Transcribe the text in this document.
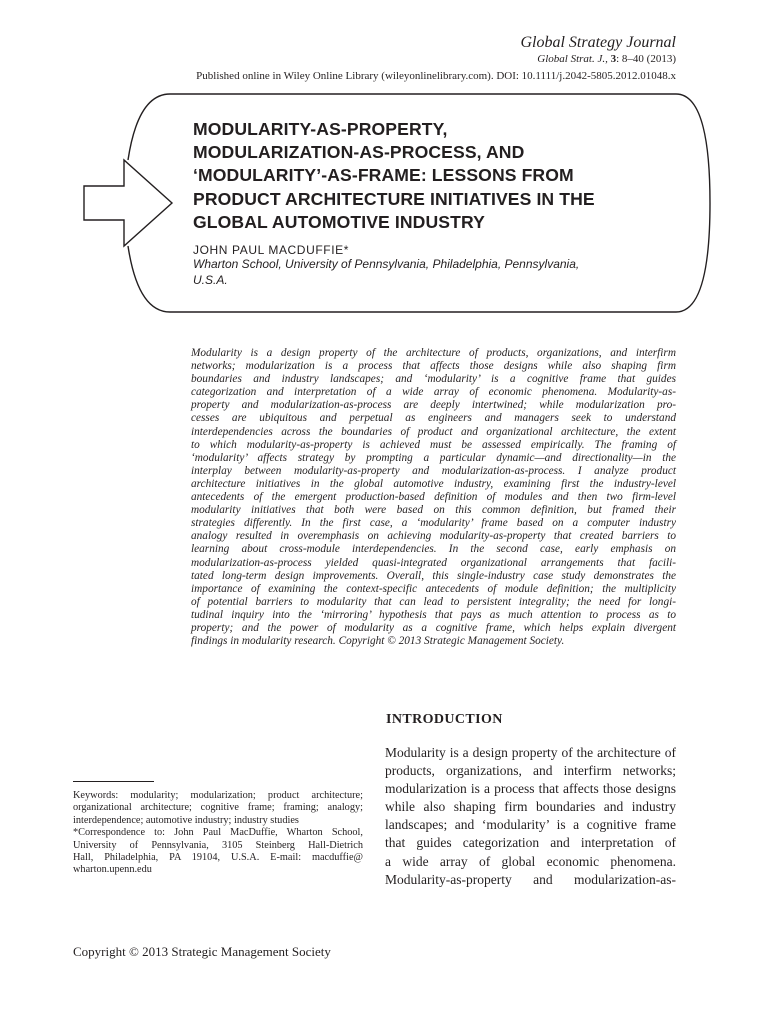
Global Strategy Journal
Global Strat. J., 3: 8–40 (2013)
Published online in Wiley Online Library (wileyonlinelibrary.com). DOI: 10.1111/j.2042-5805.2012.01048.x
MODULARITY-AS-PROPERTY,
MODULARIZATION-AS-PROCESS, AND
‘MODULARITY’-AS-FRAME: LESSONS FROM
PRODUCT ARCHITECTURE INITIATIVES IN THE
GLOBAL AUTOMOTIVE INDUSTRY
JOHN PAUL MACDUFFIE*
Wharton School, University of Pennsylvania, Philadelphia, Pennsylvania,
U.S.A.
Modularity is a design property of the architecture of products, organizations, and interfirm
networks; modularization is a process that affects those designs while also shaping firm
boundaries and industry landscapes; and ‘modularity’ is a cognitive frame that guides
categorization and interpretation of a wide array of economic phenomena. Modularity-as-
property and modularization-as-process are deeply intertwined; while modularization pro-
cesses are ubiquitous and perpetual as engineers and managers seek to understand
interdependencies across the boundaries of product and organizational architecture, the extent
to which modularity-as-property is achieved must be assessed empirically. The framing of
‘modularity’ affects strategy by prompting a particular dynamic—and directionality—in the
interplay between modularity-as-property and modularization-as-process. I analyze product
architecture initiatives in the global automotive industry, examining first the industry-level
antecedents of the emergent production-based definition of modules and then two firm-level
modularity initiatives that both were based on this common definition, but framed their
strategies differently. In the first case, a ‘modularity’ frame based on a computer industry
analogy resulted in overemphasis on achieving modularity-as-property that created barriers to
learning about cross-module interdependencies. In the second case, early emphasis on
modularization-as-process yielded quasi-integrated organizational arrangements that facili-
tated long-term design improvements. Overall, this single-industry case study demonstrates the
importance of examining the context-specific antecedents of module definition; the multiplicity
of potential barriers to modularity that can lead to persistent integrality; the need for longi-
tudinal inquiry into the ‘mirroring’ hypothesis that pays as much attention to process as to
property; and the power of modularity as a cognitive frame, which helps explain divergent
findings in modularity research. Copyright © 2013 Strategic Management Society.
INTRODUCTION
Modularity is a design property of the architecture of
products, organizations, and interfirm networks;
modularization is a process that affects those designs
while also shaping firm boundaries and industry
landscapes; and ‘modularity’ is a cognitive frame
that guides categorization and interpretation of
a wide array of global economic phenomena.
Modularity-as-property and modularization-as-
Keywords: modularity; modularization; product architecture;
organizational architecture; cognitive frame; framing; analogy;
interdependence; automotive industry; industry studies
*Correspondence to: John Paul MacDuffie, Wharton School,
University of Pennsylvania, 3105 Steinberg Hall-Dietrich
Hall, Philadelphia, PA 19104, U.S.A. E-mail: macduffie@
wharton.upenn.edu
Copyright © 2013 Strategic Management Society
